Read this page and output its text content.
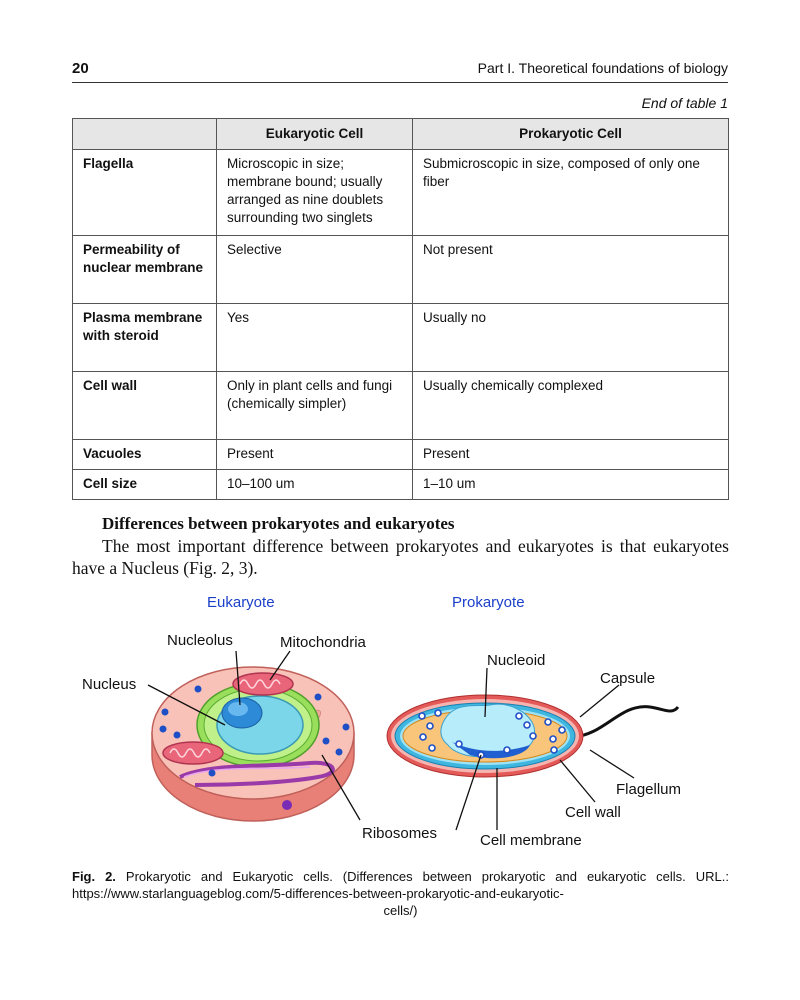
20	Part I. Theoretical foundations of biology
End of table 1
	Eukaryotic Cell	Prokaryotic Cell
Flagella	Microscopic in size; membrane bound; usually arranged as nine doublets surrounding two singlets	Submicroscopic in size, composed of only one fiber
Permeability of nuclear membrane	Selective	Not present
Plasma membrane with steroid	Yes	Usually no
Cell wall	Only in plant cells and fungi (chemically simpler)	Usually chemically complexed
Vacuoles	Present	Present
Cell size	10–100 um	1–10 um
Differences between prokaryotes and eukaryotes

The most important difference between prokaryotes and eukaryotes is that eukaryotes have a Nucleus (Fig. 2, 3).

Eukaryote	Prokaryote
Nucleolus	Mitochondria
Nucleus
Nucleoid
Capsule
Flagellum
Cell wall
Ribosomes	Cell membrane

Fig. 2. Prokaryotic and Eukaryotic cells. (Differences between prokaryotic and eukaryotic cells. URL.: https://www.starlanguageblog.com/5-differences-between-prokaryotic-and-eukaryotic-
cells/)
